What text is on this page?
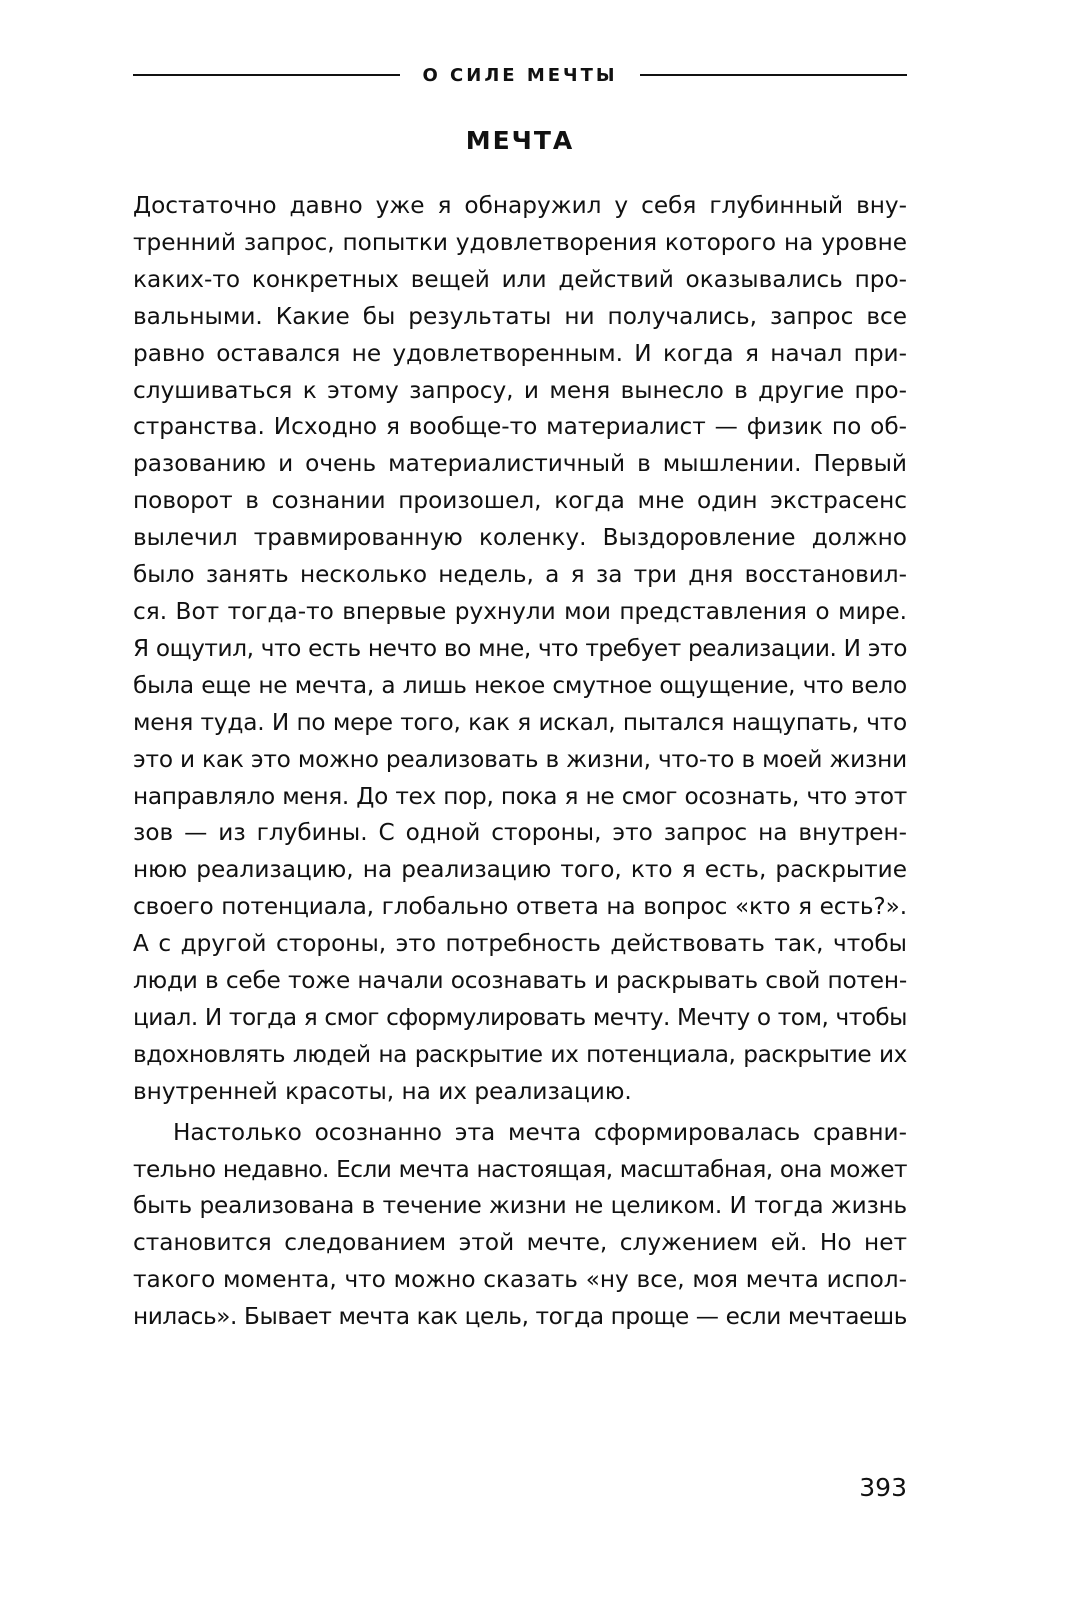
О СИЛЕ МЕЧТЫ
МЕЧТА

Достаточно давно уже я обнаружил у себя глубинный вну-
тренний запрос, попытки удовлетворения которого на уровне
каких-то конкретных вещей или действий оказывались про-
вальными. Какие бы результаты ни получались, запрос все
равно оставался не удовлетворенным. И когда я начал при-
слушиваться к этому запросу, и меня вынесло в другие про-
странства. Исходно я вообще-то материалист — физик по об-
разованию и очень материалистичный в мышлении. Первый
поворот в сознании произошел, когда мне один экстрасенс
вылечил травмированную коленку. Выздоровление должно
было занять несколько недель, а я за три дня восстановил-
ся. Вот тогда-то впервые рухнули мои представления о мире.
Я ощутил, что есть нечто во мне, что требует реализации. И это
была еще не мечта, а лишь некое смутное ощущение, что вело
меня туда. И по мере того, как я искал, пытался нащупать, что
это и как это можно реализовать в жизни, что-то в моей жизни
направляло меня. До тех пор, пока я не смог осознать, что этот
зов — из глубины. С одной стороны, это запрос на внутрен-
нюю реализацию, на реализацию того, кто я есть, раскрытие
своего потенциала, глобально ответа на вопрос «кто я есть?».
А с другой стороны, это потребность действовать так, чтобы
люди в себе тоже начали осознавать и раскрывать свой потен-
циал. И тогда я смог сформулировать мечту. Мечту о том, чтобы
вдохновлять людей на раскрытие их потенциала, раскрытие их
внутренней красоты, на их реализацию.

Настолько осознанно эта мечта сформировалась сравни-
тельно недавно. Если мечта настоящая, масштабная, она может
быть реализована в течение жизни не целиком. И тогда жизнь
становится следованием этой мечте, служением ей. Но нет
такого момента, что можно сказать «ну все, моя мечта испол-
нилась». Бывает мечта как цель, тогда проще — если мечтаешь

393
